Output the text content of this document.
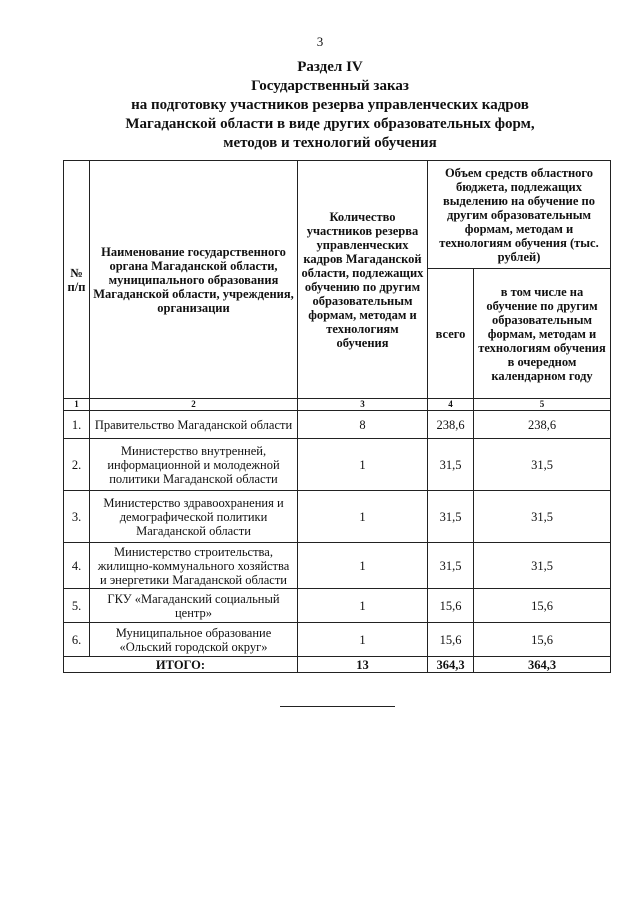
3
Раздел IV
Государственный заказ
на подготовку участников резерва управленческих кадров
Магаданской области в виде других образовательных форм,
методов и технологий обучения
№ п/п	Наименование государственного органа Магаданской области, муниципального образования Магаданской области, учреждения, организации	Количество участников резерва управленческих кадров Магаданской области, подлежащих обучению по другим образовательным формам, методам и технологиям обучения	Объем средств областного бюджета, подлежащих выделению на обучение по другим образовательным формам, методам и технологиям обучения (тыс. рублей)	
			всего	в том числе на обучение по другим образовательным формам, методам и технологиям обучения в очередном календарном году
1	2	3	4	5
1.	Правительство Магаданской области	8	238,6	238,6
2.	Министерство внутренней, информационной и молодежной политики Магаданской области	1	31,5	31,5
3.	Министерство здравоохранения и демографической политики Магаданской области	1	31,5	31,5
4.	Министерство строительства, жилищно-коммунального хозяйства и энергетики Магаданской области	1	31,5	31,5
5.	ГКУ «Магаданский социальный центр»	1	15,6	15,6
6.	Муниципальное образование «Ольский городской округ»	1	15,6	15,6
ИТОГО:		13	364,3	364,3
